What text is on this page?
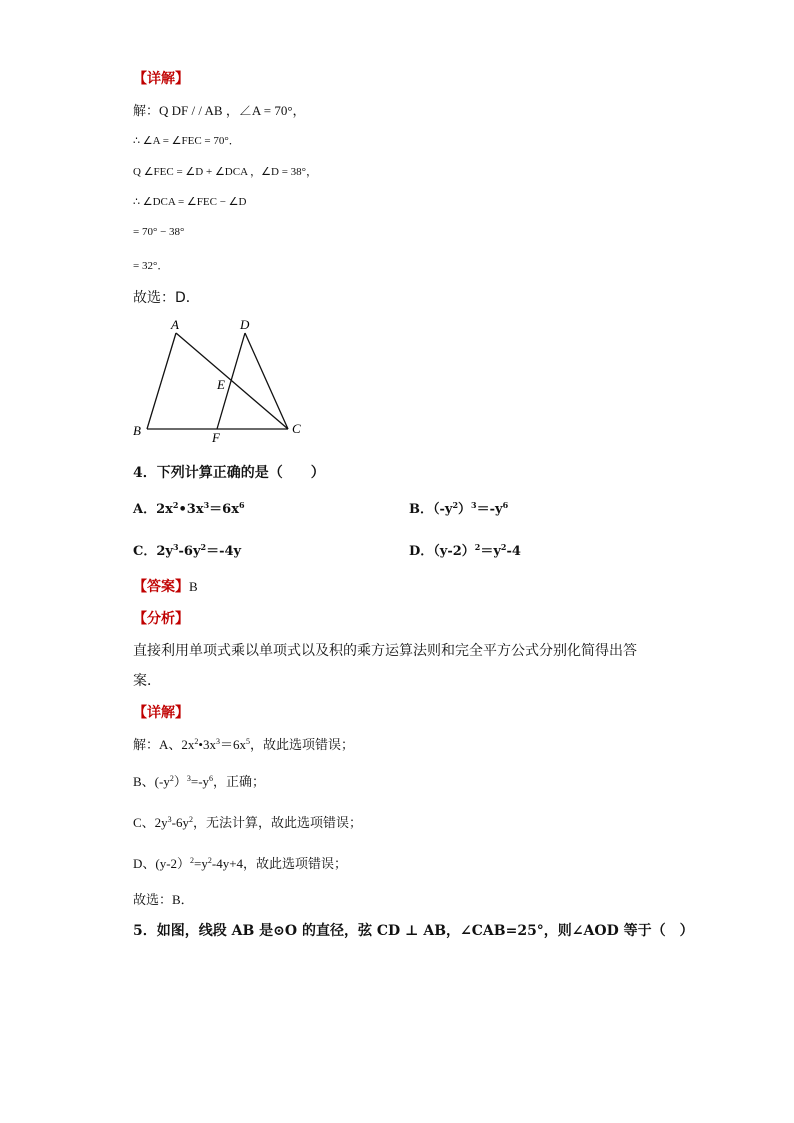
【详解】
解：Q DF / / AB ，∠A = 70°，
∴ ∠A = ∠FEC = 70°．
Q ∠FEC = ∠D + ∠DCA ，∠D = 38°，
∴ ∠DCA = ∠FEC − ∠D
= 70° − 38°
= 32°．
故选：D．
A	D
E
B	F
C
4．下列计算正确的是（　　）
A．$2x^2•3x^3=6x^6$	B．$(-y^2)^3=-y^6$
C．$2y^3-6y^2=-4y$	D．$(y-2)^2=y^2-4$
【答案】B
【分析】
直接利用单项式乘以单项式以及积的乘方运算法则和完全平方公式分别化简得出答
案．
【详解】
解：A、$2x^2•3x^3=6x^5$，故此选项错误；
B、$(-y^2)^3=-y^6$，正确；
C、$2y^3-6y^2$，无法计算，故此选项错误；
D、$(y-2)^2=y^2-4y+4$，故此选项错误；
故选：B．
5．如图，线段 AB 是⊙O 的直径，弦 CD ⊥ AB，∠CAB=25°，则∠AOD 等于（　）
